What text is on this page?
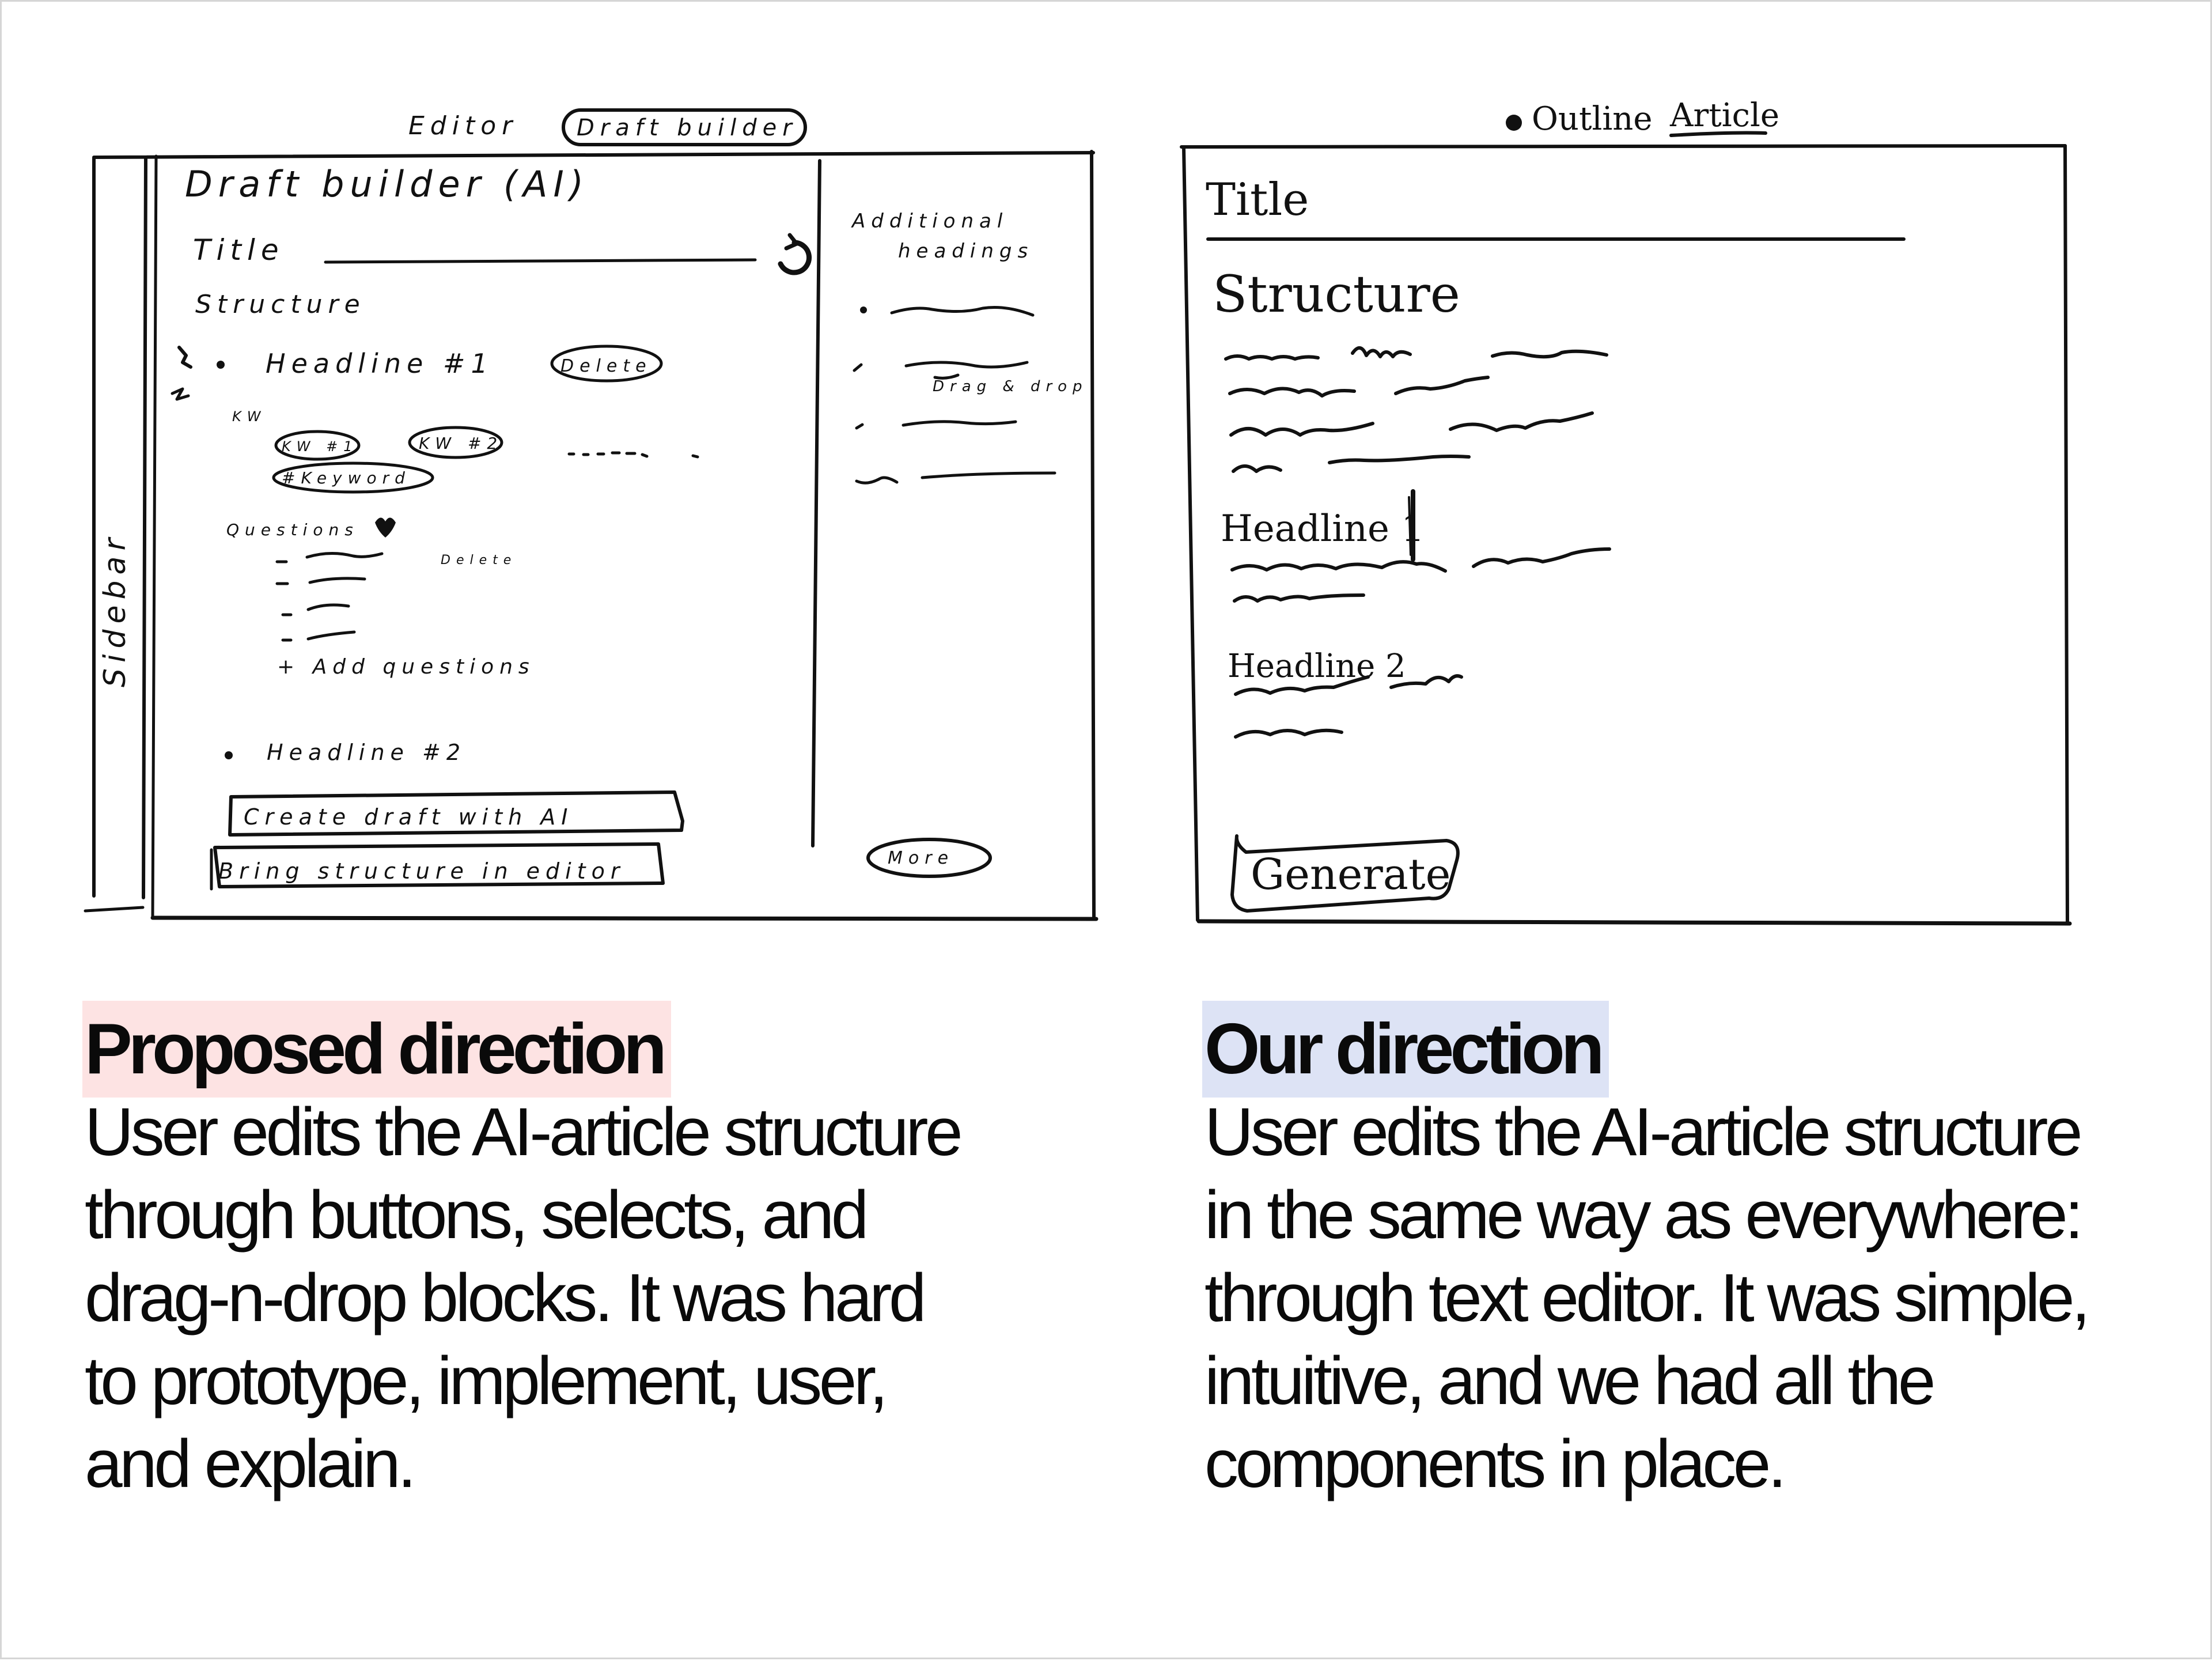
Editor	Draft builder
Sidebar
Draft builder (AI)
Title
Structure
Headline #1	Delete
KW
KW #1	KW #2
#Keyword
Questions
Delete
+ Add questions
Headline #2
Create draft with AI
Bring structure in editor
Additional
headings
Drag & drop
More
Outline Article
Title
Structure
Headline 1
Headline 2
Generate
Proposed direction
User edits the AI-article structure
through buttons, selects, and
drag-n-drop blocks. It was hard
to prototype, implement, user,
and explain.
Our direction
User edits the AI-article structure
in the same way as everywhere:
through text editor. It was simple,
intuitive, and we had all the
components in place.
